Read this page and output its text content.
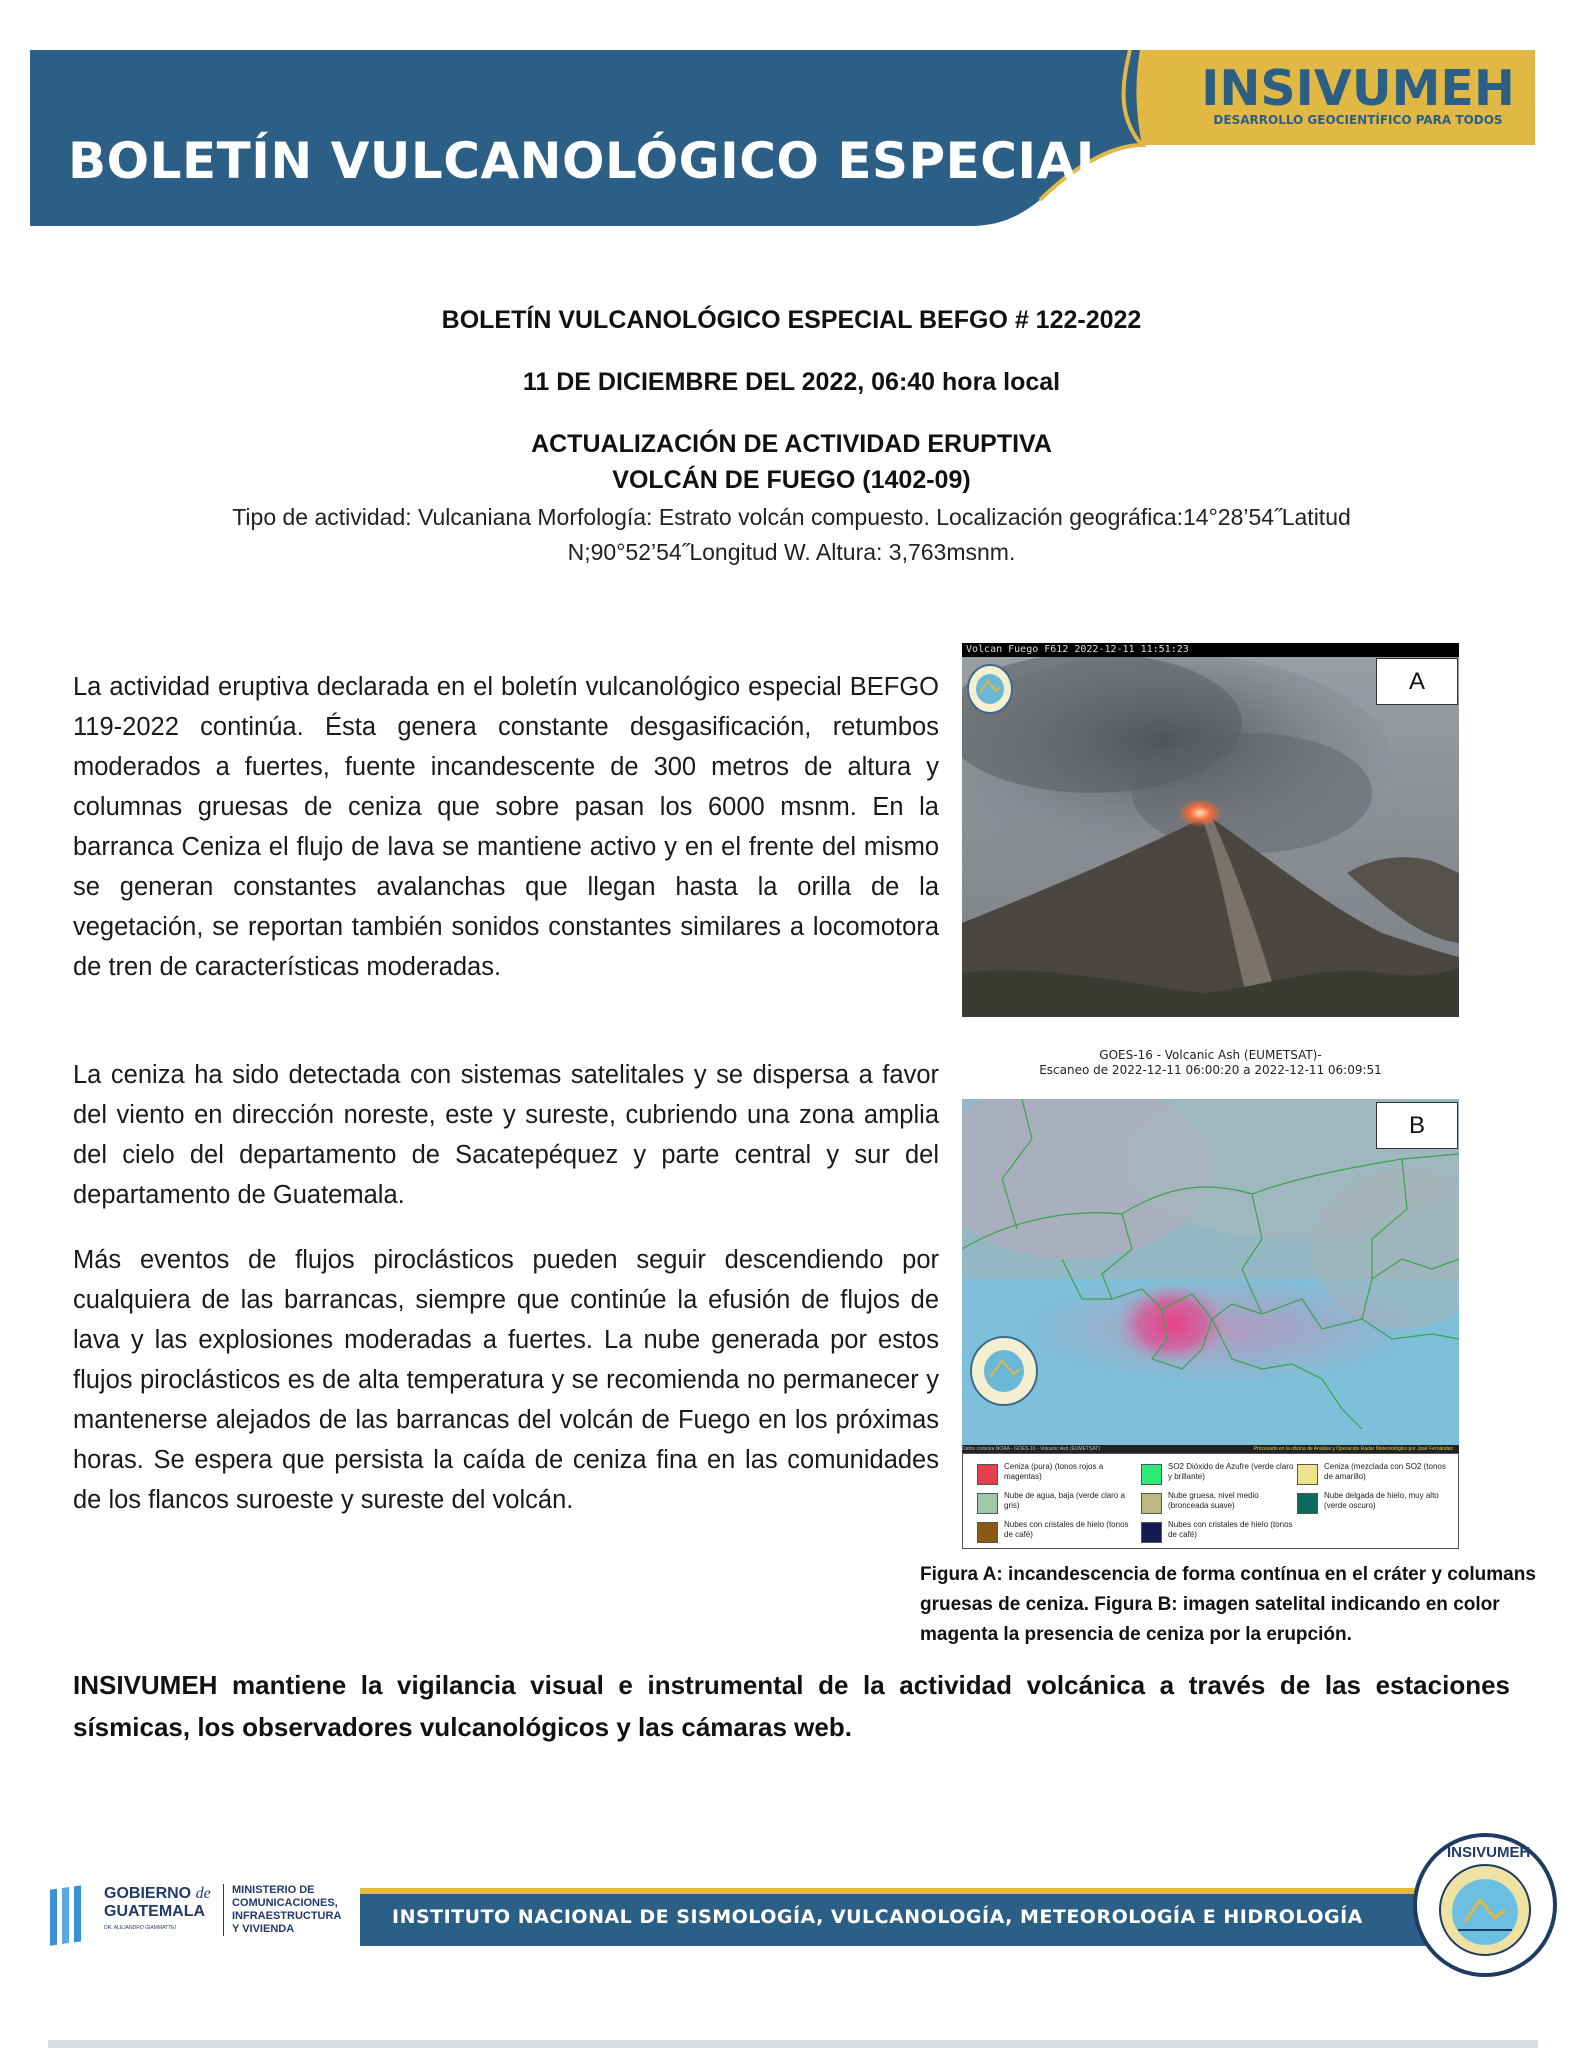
BOLETÍN VULCANOLÓGICO ESPECIAL
INSIVUMEH
DESARROLLO GEOCIENTÍFICO PARA TODOS
BOLETÍN VULCANOLÓGICO ESPECIAL BEFGO # 122-2022
11 DE DICIEMBRE DEL 2022, 06:40 hora local
ACTUALIZACIÓN DE ACTIVIDAD ERUPTIVA
VOLCÁN DE FUEGO (1402-09)
Tipo de actividad: Vulcaniana Morfología: Estrato volcán compuesto. Localización geográfica:14°28’54˝Latitud
N;90°52’54˝Longitud W. Altura: 3,763msnm.
La actividad eruptiva declarada en el boletín vulcanológico especial BEFGO 119-2022 continúa. Ésta genera constante desgasificación, retumbos moderados a fuertes, fuente incandescente de 300 metros de altura y columnas gruesas de ceniza que sobre pasan los 6000 msnm. En la barranca Ceniza el flujo de lava se mantiene activo y en el frente del mismo se generan constantes avalanchas que llegan hasta la orilla de la vegetación, se reportan también sonidos constantes similares a locomotora de tren de características moderadas.
La ceniza ha sido detectada con sistemas satelitales y se dispersa a favor del viento en dirección noreste, este y sureste, cubriendo una zona amplia del cielo del departamento de Sacatepéquez y parte central y sur del departamento de Guatemala.
Más eventos de flujos piroclásticos pueden seguir descendiendo por cualquiera de las barrancas, siempre que continúe la efusión de flujos de lava y las explosiones moderadas a fuertes. La nube generada por estos flujos piroclásticos es de alta temperatura y se recomienda no permanecer y mantenerse alejados de las barrancas del volcán de Fuego en los próximas horas. Se espera que persista la caída de ceniza fina en las comunidades de los flancos suroeste y sureste del volcán.
Volcan Fuego F612 2022-12-11 11:51:23
A
GOES-16 - Volcanic Ash (EUMETSAT)-
Escaneo de 2022-12-11 06:00:20 a 2022-12-11 06:09:51
B
Datos cortesía NOAA - GOES-16 - Volcanic Ash (EUMETSAT)	Procesado en la oficina de Análisis y Operación Radar Meteorológico por José Fernández
Ceniza (pura) (tonos rojos a magentas)
SO2 Dióxido de Azufre (verde claro y brillante)
Ceniza (mezclada con SO2 (tonos de amarillo)
Nube de agua, baja (verde claro a gris)
Nube gruesa, nivel medio (bronceada suave)
Nube delgada de hielo, muy alto (verde oscuro)
Nubes con cristales de hielo (tonos de café)
Nubes con cristales de hielo (tonos de café)
Figura A: incandescencia de forma contínua en el cráter y columans gruesas de ceniza. Figura B: imagen satelital indicando en color magenta la presencia de ceniza por la erupción.
INSIVUMEH mantiene la vigilancia visual e instrumental de la actividad volcánica a través de las estaciones sísmicas, los observadores vulcanológicos y las cámaras web.
GOBIERNO de
GUATEMALA
DR. ALEJANDRO GIAMMATTEI
MINISTERIO DE COMUNICACIONES, INFRAESTRUCTURA Y VIVIENDA
INSTITUTO NACIONAL DE SISMOLOGÍA, VULCANOLOGÍA, METEOROLOGÍA E HIDROLOGÍA
INSIVUMEH
